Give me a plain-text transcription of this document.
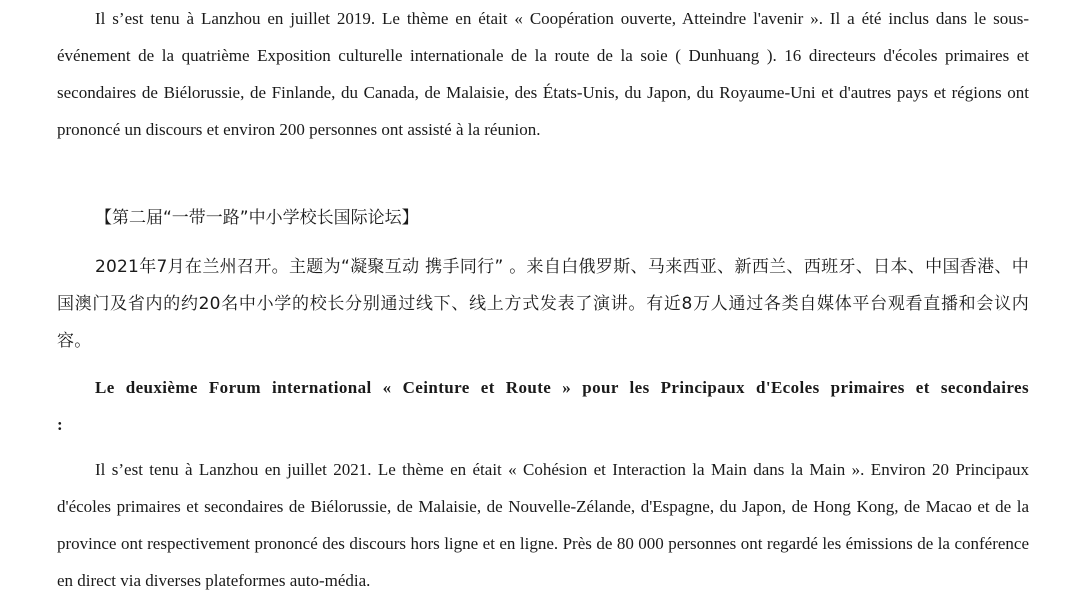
Il s’est tenu à Lanzhou en juillet 2019. Le thème en était « Coopération ouverte, Atteindre l'avenir ». Il a été inclus dans le sous-événement de la quatrième Exposition culturelle internationale de la route de la soie ( Dunhuang ). 16 directeurs d'écoles primaires et secondaires de Biélorussie, de Finlande, du Canada, de Malaisie, des États-Unis, du Japon, du Royaume-Uni et d'autres pays et régions ont prononcé un discours et environ 200 personnes ont assisté à la réunion.

【第二届“一带一路”中小学校长国际论坛】

2021年7月在兰州召开。主题为“凝聚互动 携手同行” 。来自白俄罗斯、马来西亚、新西兰、西班牙、日本、中国香港、中国澳门及省内的约20名中小学的校长分别通过线下、线上方式发表了演讲。有近8万人通过各类自媒体平台观看直播和会议内容。

Le deuxième Forum international « Ceinture et Route » pour les Principaux d'Ecoles primaires et secondaires :

Il s’est tenu à Lanzhou en juillet 2021. Le thème en était « Cohésion et Interaction la Main dans la Main ». Environ 20 Principaux d'écoles primaires et secondaires de Biélorussie, de Malaisie, de Nouvelle-Zélande, d'Espagne, du Japon, de Hong Kong, de Macao et de la province ont respectivement prononcé des discours hors ligne et en ligne. Près de 80 000 personnes ont regardé les émissions de la conférence en direct via diverses plateformes auto-média.
